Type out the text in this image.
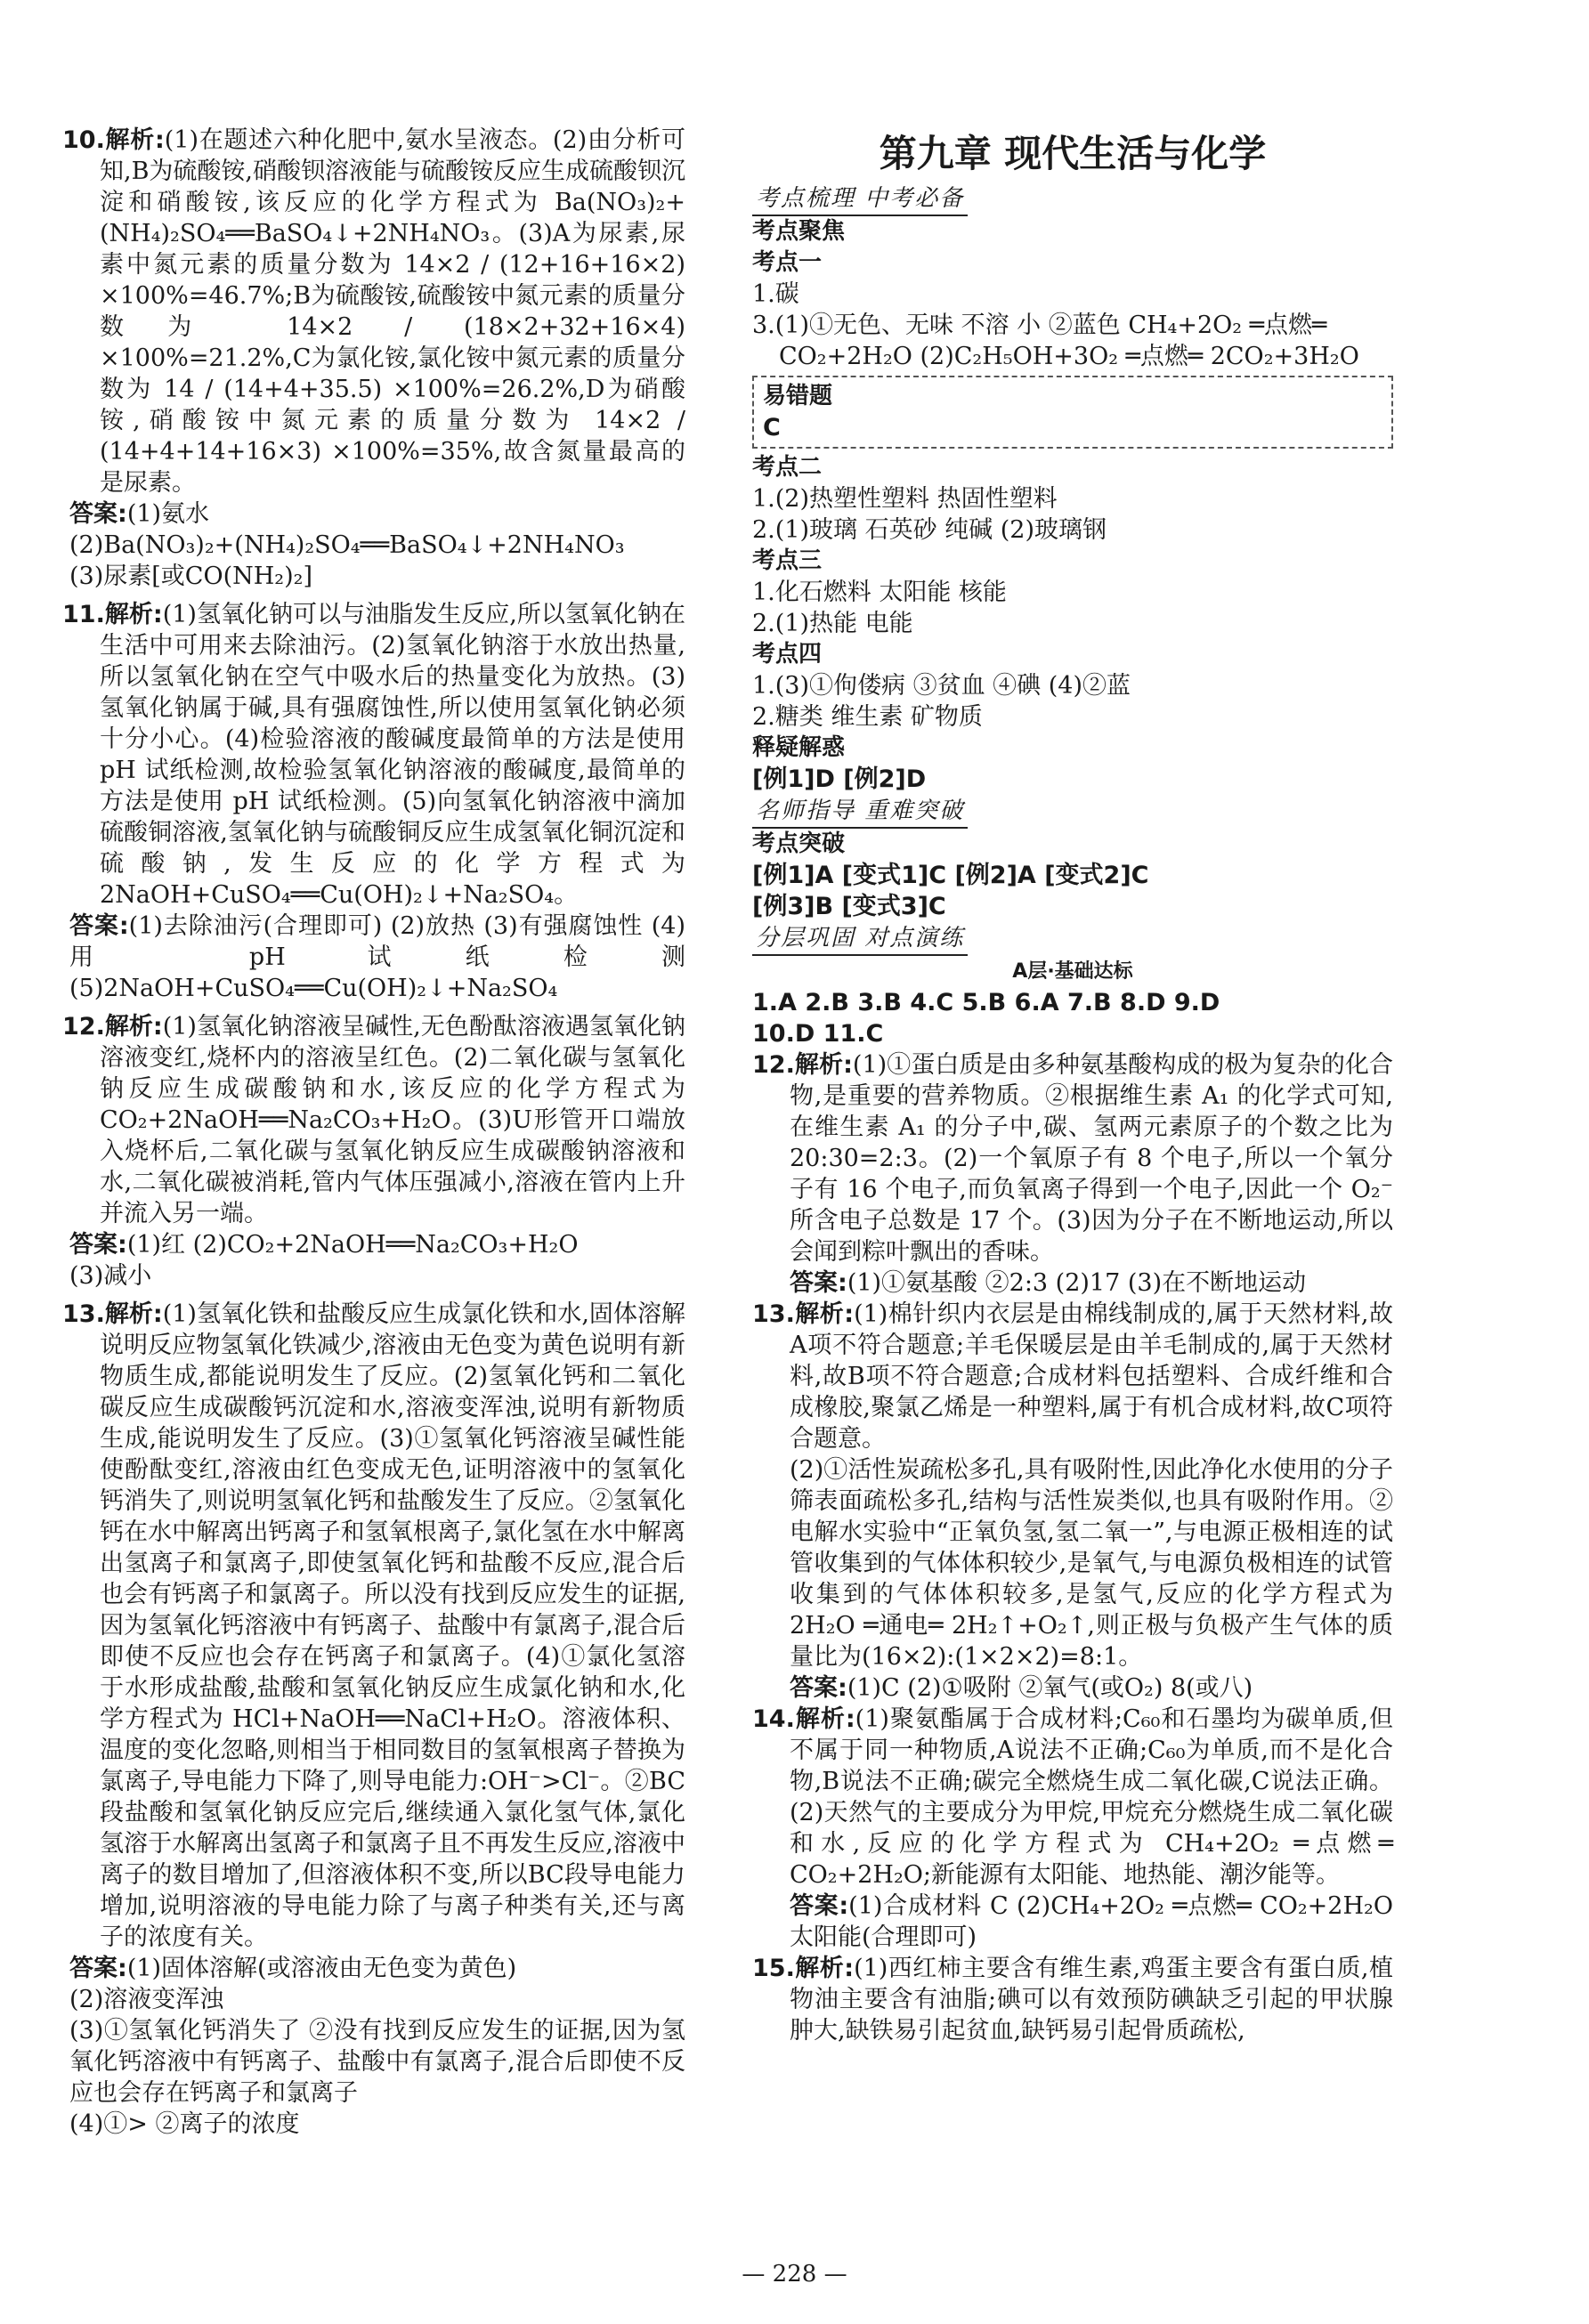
10.解析:(1)在题述六种化肥中,氨水呈液态。(2)由分析可知,B为硫酸铵,硝酸钡溶液能与硫酸铵反应生成硫酸钡沉淀和硝酸铵,该反应的化学方程式为 Ba(NO₃)₂+(NH₄)₂SO₄══BaSO₄↓+2NH₄NO₃。(3)A为尿素,尿素中氮元素的质量分数为 14×2 / (12+16+16×2) ×100%=46.7%;B为硫酸铵,硫酸铵中氮元素的质量分数为 14×2 / (18×2+32+16×4) ×100%=21.2%,C为氯化铵,氯化铵中氮元素的质量分数为 14 / (14+4+35.5) ×100%=26.2%,D为硝酸铵,硝酸铵中氮元素的质量分数为 14×2 / (14+4+14+16×3) ×100%=35%,故含氮量最高的是尿素。
答案:(1)氨水
(2)Ba(NO₃)₂+(NH₄)₂SO₄══BaSO₄↓+2NH₄NO₃
(3)尿素[或CO(NH₂)₂]
11.解析:(1)氢氧化钠可以与油脂发生反应,所以氢氧化钠在生活中可用来去除油污。(2)氢氧化钠溶于水放出热量,所以氢氧化钠在空气中吸水后的热量变化为放热。(3)氢氧化钠属于碱,具有强腐蚀性,所以使用氢氧化钠必须十分小心。(4)检验溶液的酸碱度最简单的方法是使用 pH 试纸检测,故检验氢氧化钠溶液的酸碱度,最简单的方法是使用 pH 试纸检测。(5)向氢氧化钠溶液中滴加硫酸铜溶液,氢氧化钠与硫酸铜反应生成氢氧化铜沉淀和硫酸钠,发生反应的化学方程式为 2NaOH+CuSO₄══Cu(OH)₂↓+Na₂SO₄。
答案:(1)去除油污(合理即可) (2)放热 (3)有强腐蚀性 (4)用 pH 试纸检测 (5)2NaOH+CuSO₄══Cu(OH)₂↓+Na₂SO₄
12.解析:(1)氢氧化钠溶液呈碱性,无色酚酞溶液遇氢氧化钠溶液变红,烧杯内的溶液呈红色。(2)二氧化碳与氢氧化钠反应生成碳酸钠和水,该反应的化学方程式为 CO₂+2NaOH══Na₂CO₃+H₂O。(3)U形管开口端放入烧杯后,二氧化碳与氢氧化钠反应生成碳酸钠溶液和水,二氧化碳被消耗,管内气体压强减小,溶液在管内上升并流入另一端。
答案:(1)红 (2)CO₂+2NaOH══Na₂CO₃+H₂O
(3)减小
13.解析:(1)氢氧化铁和盐酸反应生成氯化铁和水,固体溶解说明反应物氢氧化铁减少,溶液由无色变为黄色说明有新物质生成,都能说明发生了反应。(2)氢氧化钙和二氧化碳反应生成碳酸钙沉淀和水,溶液变浑浊,说明有新物质生成,能说明发生了反应。(3)①氢氧化钙溶液呈碱性能使酚酞变红,溶液由红色变成无色,证明溶液中的氢氧化钙消失了,则说明氢氧化钙和盐酸发生了反应。②氢氧化钙在水中解离出钙离子和氢氧根离子,氯化氢在水中解离出氢离子和氯离子,即使氢氧化钙和盐酸不反应,混合后也会有钙离子和氯离子。所以没有找到反应发生的证据,因为氢氧化钙溶液中有钙离子、盐酸中有氯离子,混合后即使不反应也会存在钙离子和氯离子。(4)①氯化氢溶于水形成盐酸,盐酸和氢氧化钠反应生成氯化钠和水,化学方程式为 HCl+NaOH══NaCl+H₂O。溶液体积、温度的变化忽略,则相当于相同数目的氢氧根离子替换为氯离子,导电能力下降了,则导电能力:OH⁻>Cl⁻。②BC段盐酸和氢氧化钠反应完后,继续通入氯化氢气体,氯化氢溶于水解离出氢离子和氯离子且不再发生反应,溶液中离子的数目增加了,但溶液体积不变,所以BC段导电能力增加,说明溶液的导电能力除了与离子种类有关,还与离子的浓度有关。
答案:(1)固体溶解(或溶液由无色变为黄色)
(2)溶液变浑浊
(3)①氢氧化钙消失了 ②没有找到反应发生的证据,因为氢氧化钙溶液中有钙离子、盐酸中有氯离子,混合后即使不反应也会存在钙离子和氯离子
(4)①> ②离子的浓度
第九章 现代生活与化学
考点梳理 中考必备
考点聚焦
考点一
1.碳
3.(1)①无色、无味 不溶 小 ②蓝色 CH₄+2O₂ ═点燃═
CO₂+2H₂O (2)C₂H₅OH+3O₂ ═点燃═ 2CO₂+3H₂O
易错题
C
考点二
1.(2)热塑性塑料 热固性塑料
2.(1)玻璃 石英砂 纯碱 (2)玻璃钢
考点三
1.化石燃料 太阳能 核能
2.(1)热能 电能
考点四
1.(3)①佝偻病 ③贫血 ④碘 (4)②蓝
2.糖类 维生素 矿物质
释疑解惑
[例1]D [例2]D
名师指导 重难突破
考点突破
[例1]A [变式1]C [例2]A [变式2]C
[例3]B [变式3]C
分层巩固 对点演练
A层·基础达标
1.A 2.B 3.B 4.C 5.B 6.A 7.B 8.D 9.D
10.D 11.C
12.解析:(1)①蛋白质是由多种氨基酸构成的极为复杂的化合物,是重要的营养物质。②根据维生素 A₁ 的化学式可知,在维生素 A₁ 的分子中,碳、氢两元素原子的个数之比为 20:30=2:3。(2)一个氧原子有 8 个电子,所以一个氧分子有 16 个电子,而负氧离子得到一个电子,因此一个 O₂⁻ 所含电子总数是 17 个。(3)因为分子在不断地运动,所以会闻到粽叶飘出的香味。
答案:(1)①氨基酸 ②2:3 (2)17 (3)在不断地运动
13.解析:(1)棉针织内衣层是由棉线制成的,属于天然材料,故A项不符合题意;羊毛保暖层是由羊毛制成的,属于天然材料,故B项不符合题意;合成材料包括塑料、合成纤维和合成橡胶,聚氯乙烯是一种塑料,属于有机合成材料,故C项符合题意。
(2)①活性炭疏松多孔,具有吸附性,因此净化水使用的分子筛表面疏松多孔,结构与活性炭类似,也具有吸附作用。②电解水实验中“正氧负氢,氢二氧一”,与电源正极相连的试管收集到的气体体积较少,是氧气,与电源负极相连的试管收集到的气体体积较多,是氢气,反应的化学方程式为 2H₂O ═通电═ 2H₂↑+O₂↑,则正极与负极产生气体的质量比为(16×2):(1×2×2)=8:1。
答案:(1)C (2)①吸附 ②氧气(或O₂) 8(或八)
14.解析:(1)聚氨酯属于合成材料;C₆₀和石墨均为碳单质,但不属于同一种物质,A说法不正确;C₆₀为单质,而不是化合物,B说法不正确;碳完全燃烧生成二氧化碳,C说法正确。(2)天然气的主要成分为甲烷,甲烷充分燃烧生成二氧化碳和水,反应的化学方程式为 CH₄+2O₂ ═点燃═ CO₂+2H₂O;新能源有太阳能、地热能、潮汐能等。
答案:(1)合成材料 C (2)CH₄+2O₂ ═点燃═ CO₂+2H₂O 太阳能(合理即可)
15.解析:(1)西红柿主要含有维生素,鸡蛋主要含有蛋白质,植物油主要含有油脂;碘可以有效预防碘缺乏引起的甲状腺肿大,缺铁易引起贫血,缺钙易引起骨质疏松,
— 228 —
